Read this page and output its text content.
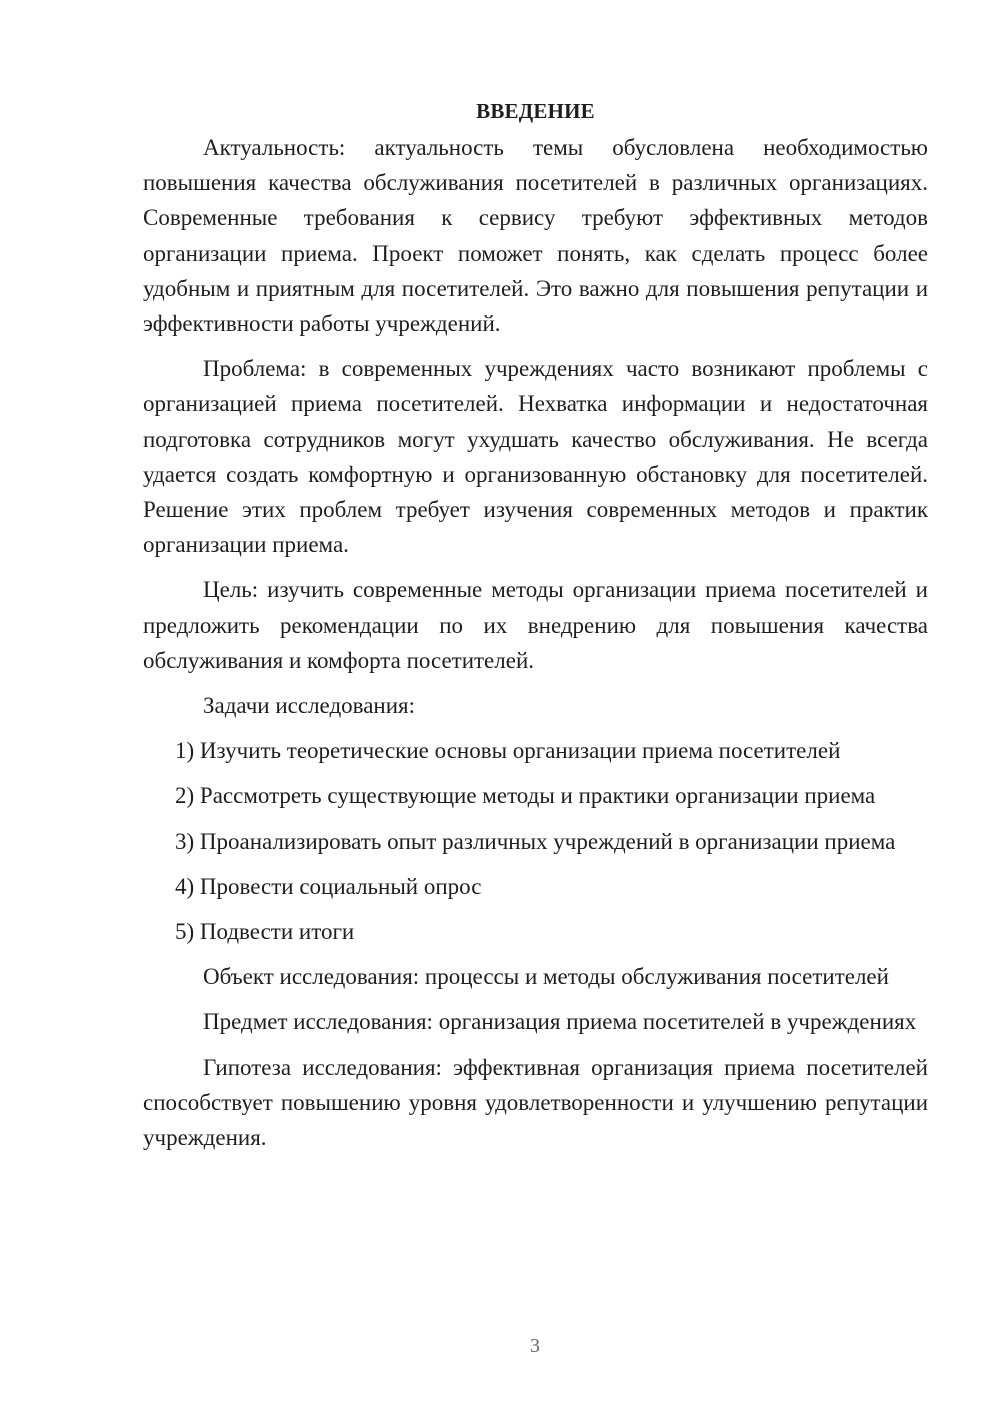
ВВЕДЕНИЕ

Актуальность: актуальность темы обусловлена необходимостью повышения качества обслуживания посетителей в различных организациях. Современные требования к сервису требуют эффективных методов организации приема. Проект поможет понять, как сделать процесс более удобным и приятным для посетителей. Это важно для повышения репутации и эффективности работы учреждений.

Проблема: в современных учреждениях часто возникают проблемы с организацией приема посетителей. Нехватка информации и недостаточная подготовка сотрудников могут ухудшать качество обслуживания. Не всегда удается создать комфортную и организованную обстановку для посетителей. Решение этих проблем требует изучения современных методов и практик организации приема.

Цель: изучить современные методы организации приема посетителей и предложить рекомендации по их внедрению для повышения качества обслуживания и комфорта посетителей.

Задачи исследования:

1) Изучить теоретические основы организации приема посетителей

2) Рассмотреть существующие методы и практики организации приема

3) Проанализировать опыт различных учреждений в организации приема

4) Провести социальный опрос

5) Подвести итоги

Объект исследования: процессы и методы обслуживания посетителей

Предмет исследования: организация приема посетителей в учреждениях

Гипотеза исследования: эффективная организация приема посетителей способствует повышению уровня удовлетворенности и улучшению репутации учреждения.

3
